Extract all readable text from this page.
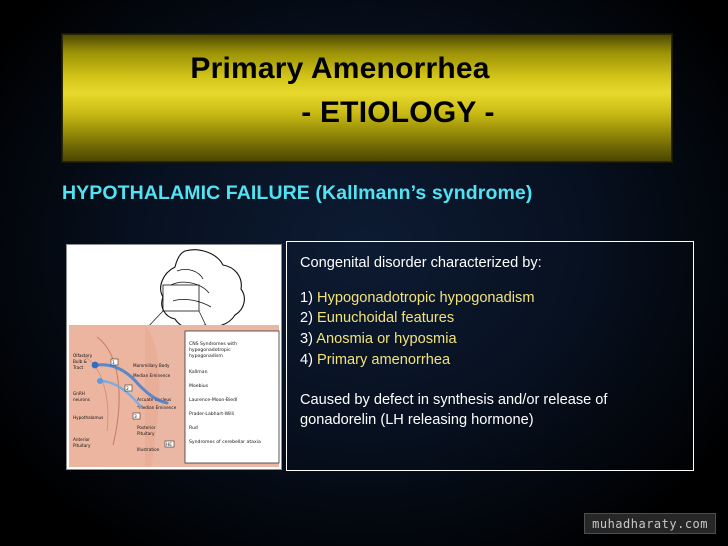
Primary Amenorrhea
- ETIOLOGY -
HYPOTHALAMIC FAILURE (Kallmann’s syndrome)
CNS Syndromes with
hypogonadotropic
hypogonadism
Kallman
Moebius
Laurence-Moon-Biedl
Prader-Labhart-Willi
Rud
Syndromes of cerebellar ataxia
Mammillary Body
Median Eminence
Arcuate Nucleus
*Median Eminence
Posterior
Pituitary
Illustration
Olfactory
Bulb &
Tract
GnRH
neurons
Hypothalamus
Anterior
Pituitary
1
2
3
HE
Congenital disorder characterized by:
1) Hypogonadotropic hypogonadism
2) Eunuchoidal features
3) Anosmia or hyposmia
4) Primary amenorrhea
Caused by defect in synthesis and/or release of
gonadorelin (LH releasing hormone)
muhadharaty.com
